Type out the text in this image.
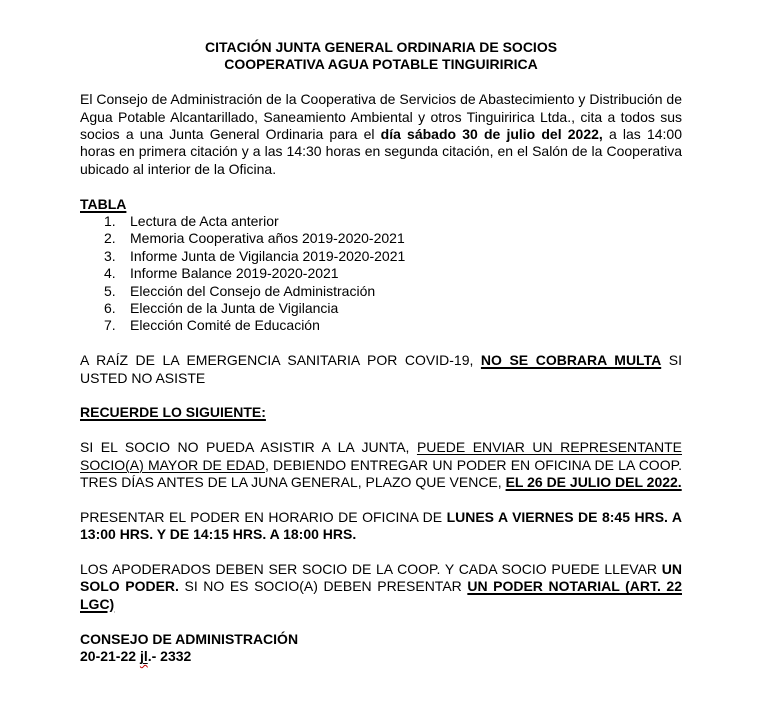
CITACIÓN JUNTA GENERAL ORDINARIA DE SOCIOS
COOPERATIVA AGUA POTABLE TINGUIRIRICA

El Consejo de Administración de la Cooperativa de Servicios de Abastecimiento y Distribución de Agua Potable Alcantarillado, Saneamiento Ambiental y otros Tinguiririca Ltda., cita a todos sus socios a una Junta General Ordinaria para el día sábado 30 de julio del 2022, a las 14:00 horas en primera citación y a las 14:30 horas en segunda citación, en el Salón de la Cooperativa ubicado al interior de la Oficina.

TABLA
1.	Lectura de Acta anterior
2.	Memoria Cooperativa años 2019-2020-2021
3.	Informe Junta de Vigilancia 2019-2020-2021
4.	Informe Balance 2019-2020-2021
5.	Elección del Consejo de Administración
6.	Elección de la Junta de Vigilancia
7.	Elección Comité de Educación

A RAÍZ DE LA EMERGENCIA SANITARIA POR COVID-19, NO SE COBRARA MULTA SI USTED NO ASISTE

RECUERDE LO SIGUIENTE:

SI EL SOCIO NO PUEDA ASISTIR A LA JUNTA, PUEDE ENVIAR UN REPRESENTANTE SOCIO(A) MAYOR DE EDAD, DEBIENDO ENTREGAR UN PODER EN OFICINA DE LA COOP. TRES DÍAS ANTES DE LA JUNA GENERAL, PLAZO QUE VENCE, EL 26 DE JULIO DEL 2022.

PRESENTAR EL PODER EN HORARIO DE OFICINA DE LUNES A VIERNES DE 8:45 HRS. A 13:00 HRS. Y DE 14:15 HRS. A 18:00 HRS.

LOS APODERADOS DEBEN SER SOCIO DE LA COOP. Y CADA SOCIO PUEDE LLEVAR UN SOLO PODER. SI NO ES SOCIO(A) DEBEN PRESENTAR UN PODER NOTARIAL (ART. 22 LGC)

CONSEJO DE ADMINISTRACIÓN
20-21-22 jl.- 2332
